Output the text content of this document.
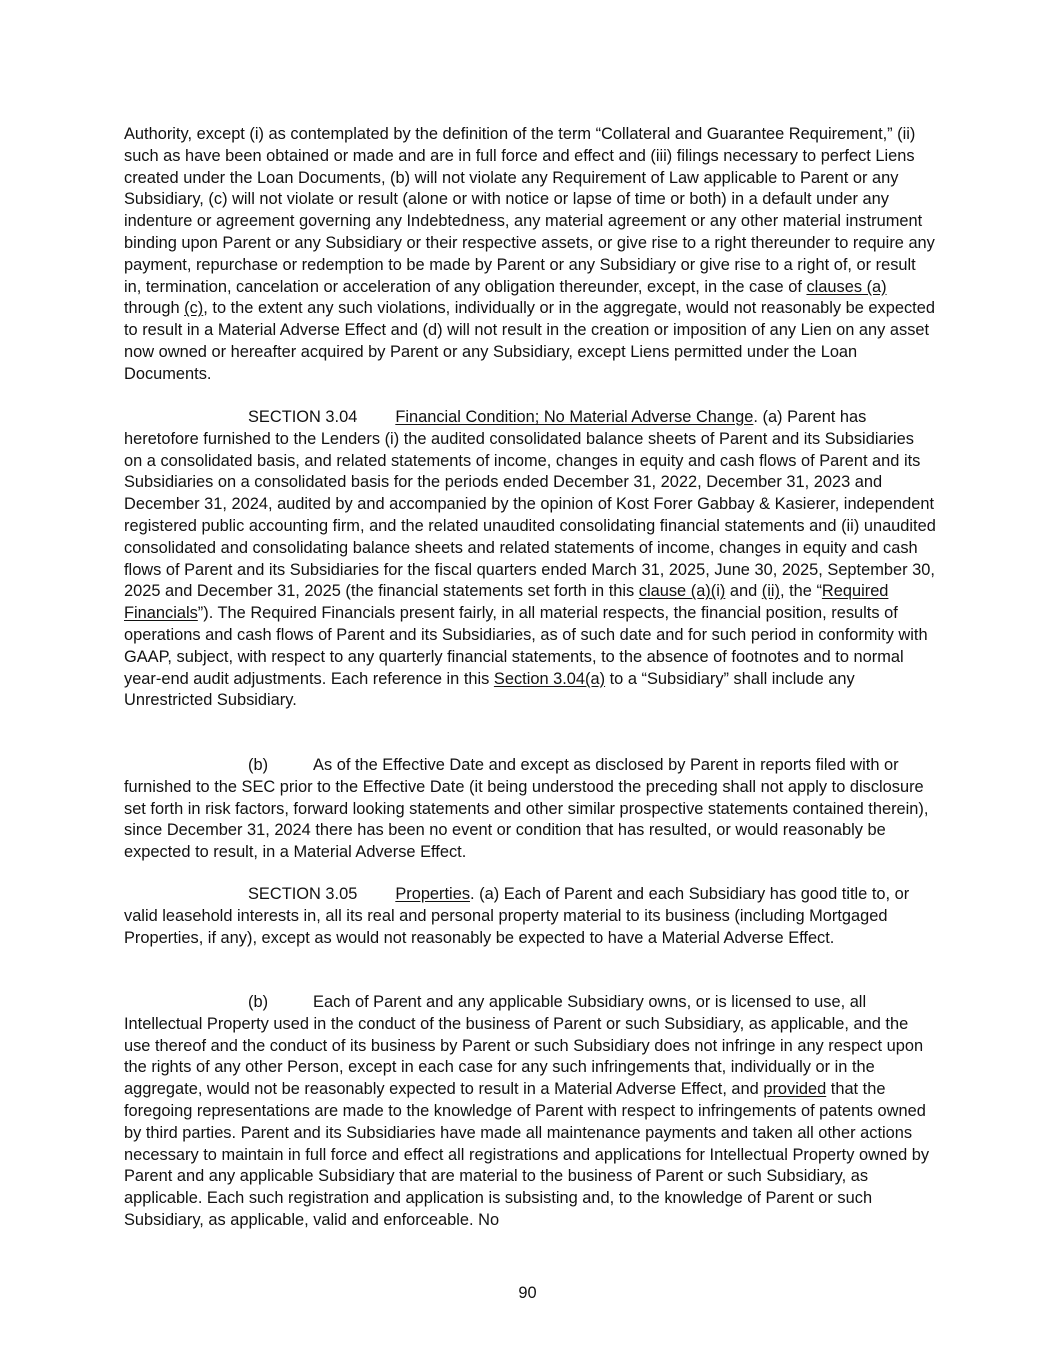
Authority, except (i) as contemplated by the definition of the term “Collateral and Guarantee Requirement,” (ii) such as have been obtained or made and are in full force and effect and (iii) filings necessary to perfect Liens created under the Loan Documents, (b) will not violate any Requirement of Law applicable to Parent or any Subsidiary, (c) will not violate or result (alone or with notice or lapse of time or both) in a default under any indenture or agreement governing any Indebtedness, any material agreement or any other material instrument binding upon Parent or any Subsidiary or their respective assets, or give rise to a right thereunder to require any payment, repurchase or redemption to be made by Parent or any Subsidiary or give rise to a right of, or result in, termination, cancelation or acceleration of any obligation thereunder, except, in the case of clauses (a) through (c), to the extent any such violations, individually or in the aggregate, would not reasonably be expected to result in a Material Adverse Effect and (d) will not result in the creation or imposition of any Lien on any asset now owned or hereafter acquired by Parent or any Subsidiary, except Liens permitted under the Loan Documents.

SECTION 3.04 Financial Condition; No Material Adverse Change. (a) Parent has heretofore furnished to the Lenders (i) the audited consolidated balance sheets of Parent and its Subsidiaries on a consolidated basis, and related statements of income, changes in equity and cash flows of Parent and its Subsidiaries on a consolidated basis for the periods ended December 31, 2022, December 31, 2023 and December 31, 2024, audited by and accompanied by the opinion of Kost Forer Gabbay & Kasierer, independent registered public accounting firm, and the related unaudited consolidating financial statements and (ii) unaudited consolidated and consolidating balance sheets and related statements of income, changes in equity and cash flows of Parent and its Subsidiaries for the fiscal quarters ended March 31, 2025, June 30, 2025, September 30, 2025 and December 31, 2025 (the financial statements set forth in this clause (a)(i) and (ii), the “Required Financials”). The Required Financials present fairly, in all material respects, the financial position, results of operations and cash flows of Parent and its Subsidiaries, as of such date and for such period in conformity with GAAP, subject, with respect to any quarterly financial statements, to the absence of footnotes and to normal year-end audit adjustments. Each reference in this Section 3.04(a) to a “Subsidiary” shall include any Unrestricted Subsidiary.

(b)	As of the Effective Date and except as disclosed by Parent in reports filed with or furnished to the SEC prior to the Effective Date (it being understood the preceding shall not apply to disclosure set forth in risk factors, forward looking statements and other similar prospective statements contained therein), since December 31, 2024 there has been no event or condition that has resulted, or would reasonably be expected to result, in a Material Adverse Effect.

SECTION 3.05 Properties. (a) Each of Parent and each Subsidiary has good title to, or valid leasehold interests in, all its real and personal property material to its business (including Mortgaged Properties, if any), except as would not reasonably be expected to have a Material Adverse Effect.

(b)	Each of Parent and any applicable Subsidiary owns, or is licensed to use, all Intellectual Property used in the conduct of the business of Parent or such Subsidiary, as applicable, and the use thereof and the conduct of its business by Parent or such Subsidiary does not infringe in any respect upon the rights of any other Person, except in each case for any such infringements that, individually or in the aggregate, would not be reasonably expected to result in a Material Adverse Effect, and provided that the foregoing representations are made to the knowledge of Parent with respect to infringements of patents owned by third parties. Parent and its Subsidiaries have made all maintenance payments and taken all other actions necessary to maintain in full force and effect all registrations and applications for Intellectual Property owned by Parent and any applicable Subsidiary that are material to the business of Parent or such Subsidiary, as applicable. Each such registration and application is subsisting and, to the knowledge of Parent or such Subsidiary, as applicable, valid and enforceable. No

90
